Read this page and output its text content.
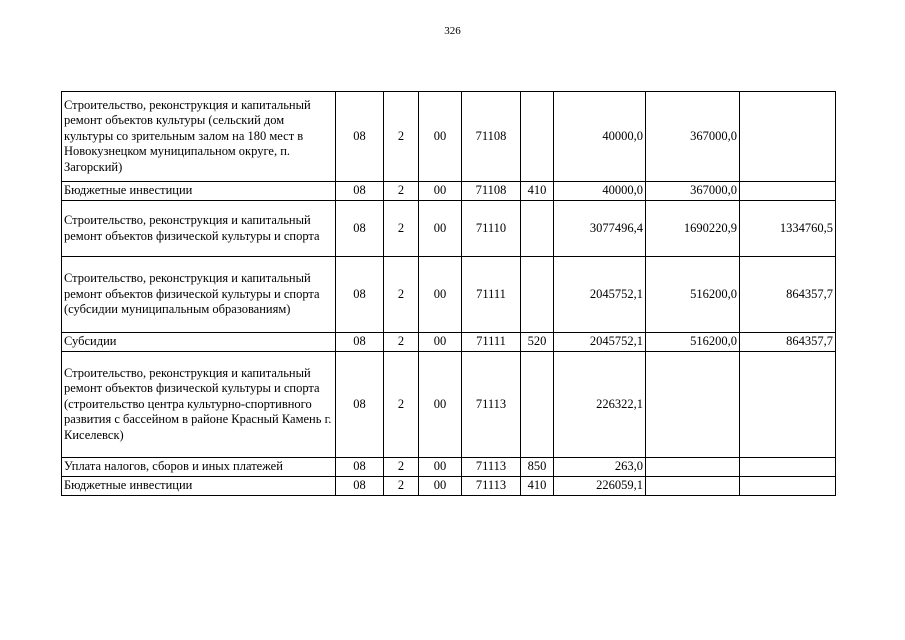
326
Строительство, реконструкция и капитальный ремонт объектов культуры (сельский дом культуры со зрительным залом на 180 мест в Новокузнецком муниципальном округе, п. Загорский)	08	2	00	71108		40000,0	367000,0	
Бюджетные инвестиции	08	2	00	71108	410	40000,0	367000,0	
Строительство, реконструкция и капитальный ремонт объектов физической культуры и спорта	08	2	00	71110		3077496,4	1690220,9	1334760,5
Строительство, реконструкция и капитальный ремонт объектов физической культуры и спорта (субсидии муниципальным образованиям)	08	2	00	71111		2045752,1	516200,0	864357,7
Субсидии	08	2	00	71111	520	2045752,1	516200,0	864357,7
Строительство, реконструкция и капитальный ремонт объектов физической культуры и спорта (строительство центра культурно-спортивного развития с бассейном в районе Красный Камень г. Киселевск)	08	2	00	71113		226322,1		
Уплата налогов, сборов и иных платежей	08	2	00	71113	850	263,0		
Бюджетные инвестиции	08	2	00	71113	410	226059,1		
